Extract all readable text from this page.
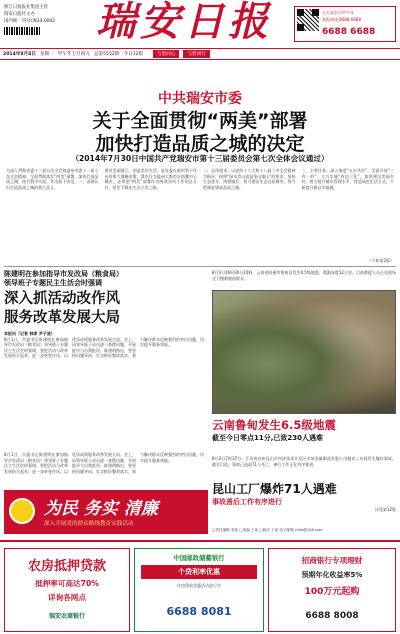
浙江日报报业集团主管
瑞安日报社主办
国内统一刊号CN33-0002	瑞安日报	今天是农历甲午年
本报热线 6688 6688
6688 6688
2014年8月4日 星期一 甲午年七月初九 总第5552期 今日12版	与您同心	与您同行
中共瑞安市委
关于全面贯彻“两美”部署
加快打造品质之城的决定
（2014年7月30日中国共产党瑞安市第十三届委员会第七次全体会议通过）
为深入贯彻省委十三届五次全会和温州市委十一届七次全会精神，全面贯彻落实“两美”部署，加快打造品质之城，结合我市实际，作出如下决定。一、深刻认识打造品质之城的重大意义。
建设美丽浙江、创造美好生活，是省委在新形势下作出的重大战略决策。我市作为温州大都市区南翼中心城市，必须把“两美”部署作为统领各项工作的总方针，坚定不移走生态立市之路。
二、总体要求。以党的十八大和十八届三中全会精神为指导，按照“绿水青山就是金山银山”的要求，坚持生态优先、统筹城乡，着力建设生态宜居城市，努力把瑞安建成品质之城。
三、主要任务。深入推进“五水共治”，全面开展“三改一拆”，大力实施“四边三化”，加快建设美丽乡村，着力提升城市管理水平，营造绿色生活方式，不断提升群众幸福感。
（下转第2版）
陈建明在参加指导市发改局（粮食局）
领导班子专题民主生活会时强调
深入抓活动改作风
服务改革发展大局
本报讯（记者 林孝 尹子凌）
8月1日，市委书记陈建明在参加指导市发改局（粮食局）领导班子专题民主生活会时强调，要把活动与改革发展结合起来，进一步转变作风，以优异成绩服务改革发展大局。会上，局领导班子成员逐一查摆问题，开展批评与自我批评。陈建明指出，要坚持问题导向，扎实抓好整改落实，着力解决群众反映强烈的突出问题，切实提升服务效能。
8月3日16时30分10秒，云南省昭通市鲁甸县发生6.5级地震，震源深度12公里。目前救援人员正在现场全力搜救被困群众。
云南鲁甸发生6.5级地震
截至今日零点11分,已致230人遇难
8月2日7时37分，江苏省苏州昆山市经济技术开发区中荣金属制品有限公司抛光二车间发生爆炸事故。截至目前，事故已造成71人死亡，善后工作正在有序推进。
昆山工厂爆炸71人遇难
事故善后工作有序进行
详见第12版
□责任编辑 李某 □美编 王某 □版式 王某 电子邮箱 ruirb@126.com
8月1日，市委书记陈建明在参加指导市发改局（粮食局）领导班子专题民主生活会时强调，要把活动与改革发展结合起来，进一步转变作风，以优异成绩服务改革发展大局。会上，局领导班子成员逐一查摆问题，开展批评与自我批评。陈建明指出，要坚持问题导向，扎实抓好整改落实，着力解决群众反映强烈的突出问题，切实提升服务效能。
为民 务实 清廉
深入开展党的群众路线教育实践活动
农房抵押贷款
抵押率可高达70%
详询各网点
瑞安农商银行
中国邮政储蓄银行
个贷利率优惠
住房贷款优惠活动进行中
6688 8081
招商银行专项理财
预期年化收益率5%
100万元起购
6688 8008
